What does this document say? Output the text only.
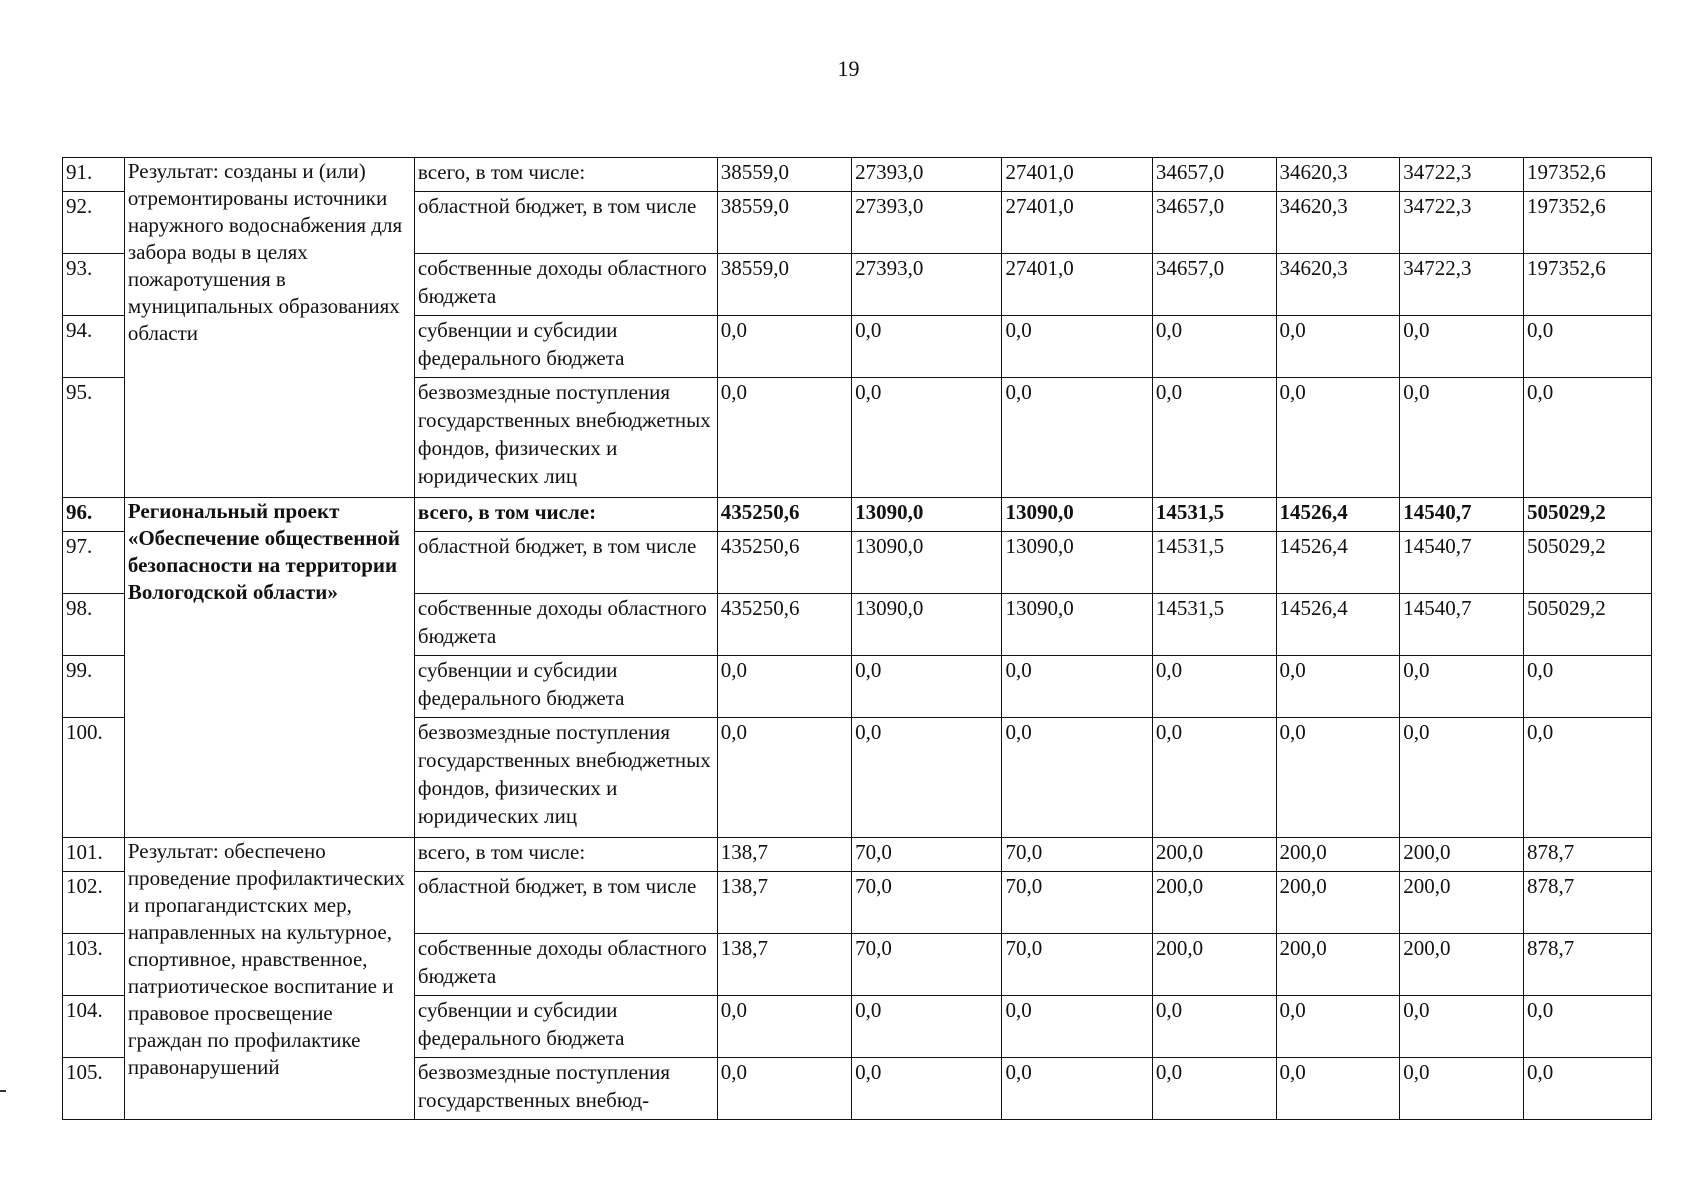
19
91.	Результат: созданы и (или) отремонтированы источники наружного водоснабжения для забора воды в целях пожаротушения в муниципальных образованиях области	всего, в том числе:	38559,0	27393,0	27401,0	34657,0	34620,3	34722,3	197352,6
92.		областной бюджет, в том числе	38559,0	27393,0	27401,0	34657,0	34620,3	34722,3	197352,6
93.		собственные доходы областного бюджета	38559,0	27393,0	27401,0	34657,0	34620,3	34722,3	197352,6
94.		субвенции и субсидии федерального бюджета	0,0	0,0	0,0	0,0	0,0	0,0	0,0
95.		безвозмездные поступления государственных внебюджетных фондов, физических и юридических лиц	0,0	0,0	0,0	0,0	0,0	0,0	0,0
96.	Региональный проект «Обеспечение общественной безопасности на территории Вологодской области»	всего, в том числе:	435250,6	13090,0	13090,0	14531,5	14526,4	14540,7	505029,2
97.		областной бюджет, в том числе	435250,6	13090,0	13090,0	14531,5	14526,4	14540,7	505029,2
98.		собственные доходы областного бюджета	435250,6	13090,0	13090,0	14531,5	14526,4	14540,7	505029,2
99.		субвенции и субсидии федерального бюджета	0,0	0,0	0,0	0,0	0,0	0,0	0,0
100.		безвозмездные поступления государственных внебюджетных фондов, физических и юридических лиц	0,0	0,0	0,0	0,0	0,0	0,0	0,0
101.	Результат: обеспечено проведение профилактических и пропагандистских мер, направленных на культурное, спортивное, нравственное, патриотическое воспитание и правовое просвещение граждан по профилактике правонарушений	всего, в том числе:	138,7	70,0	70,0	200,0	200,0	200,0	878,7
102.		областной бюджет, в том числе	138,7	70,0	70,0	200,0	200,0	200,0	878,7
103.		собственные доходы областного бюджета	138,7	70,0	70,0	200,0	200,0	200,0	878,7
104.		субвенции и субсидии федерального бюджета	0,0	0,0	0,0	0,0	0,0	0,0	0,0
105.		безвозмездные поступления государственных внебюд-	0,0	0,0	0,0	0,0	0,0	0,0	0,0
